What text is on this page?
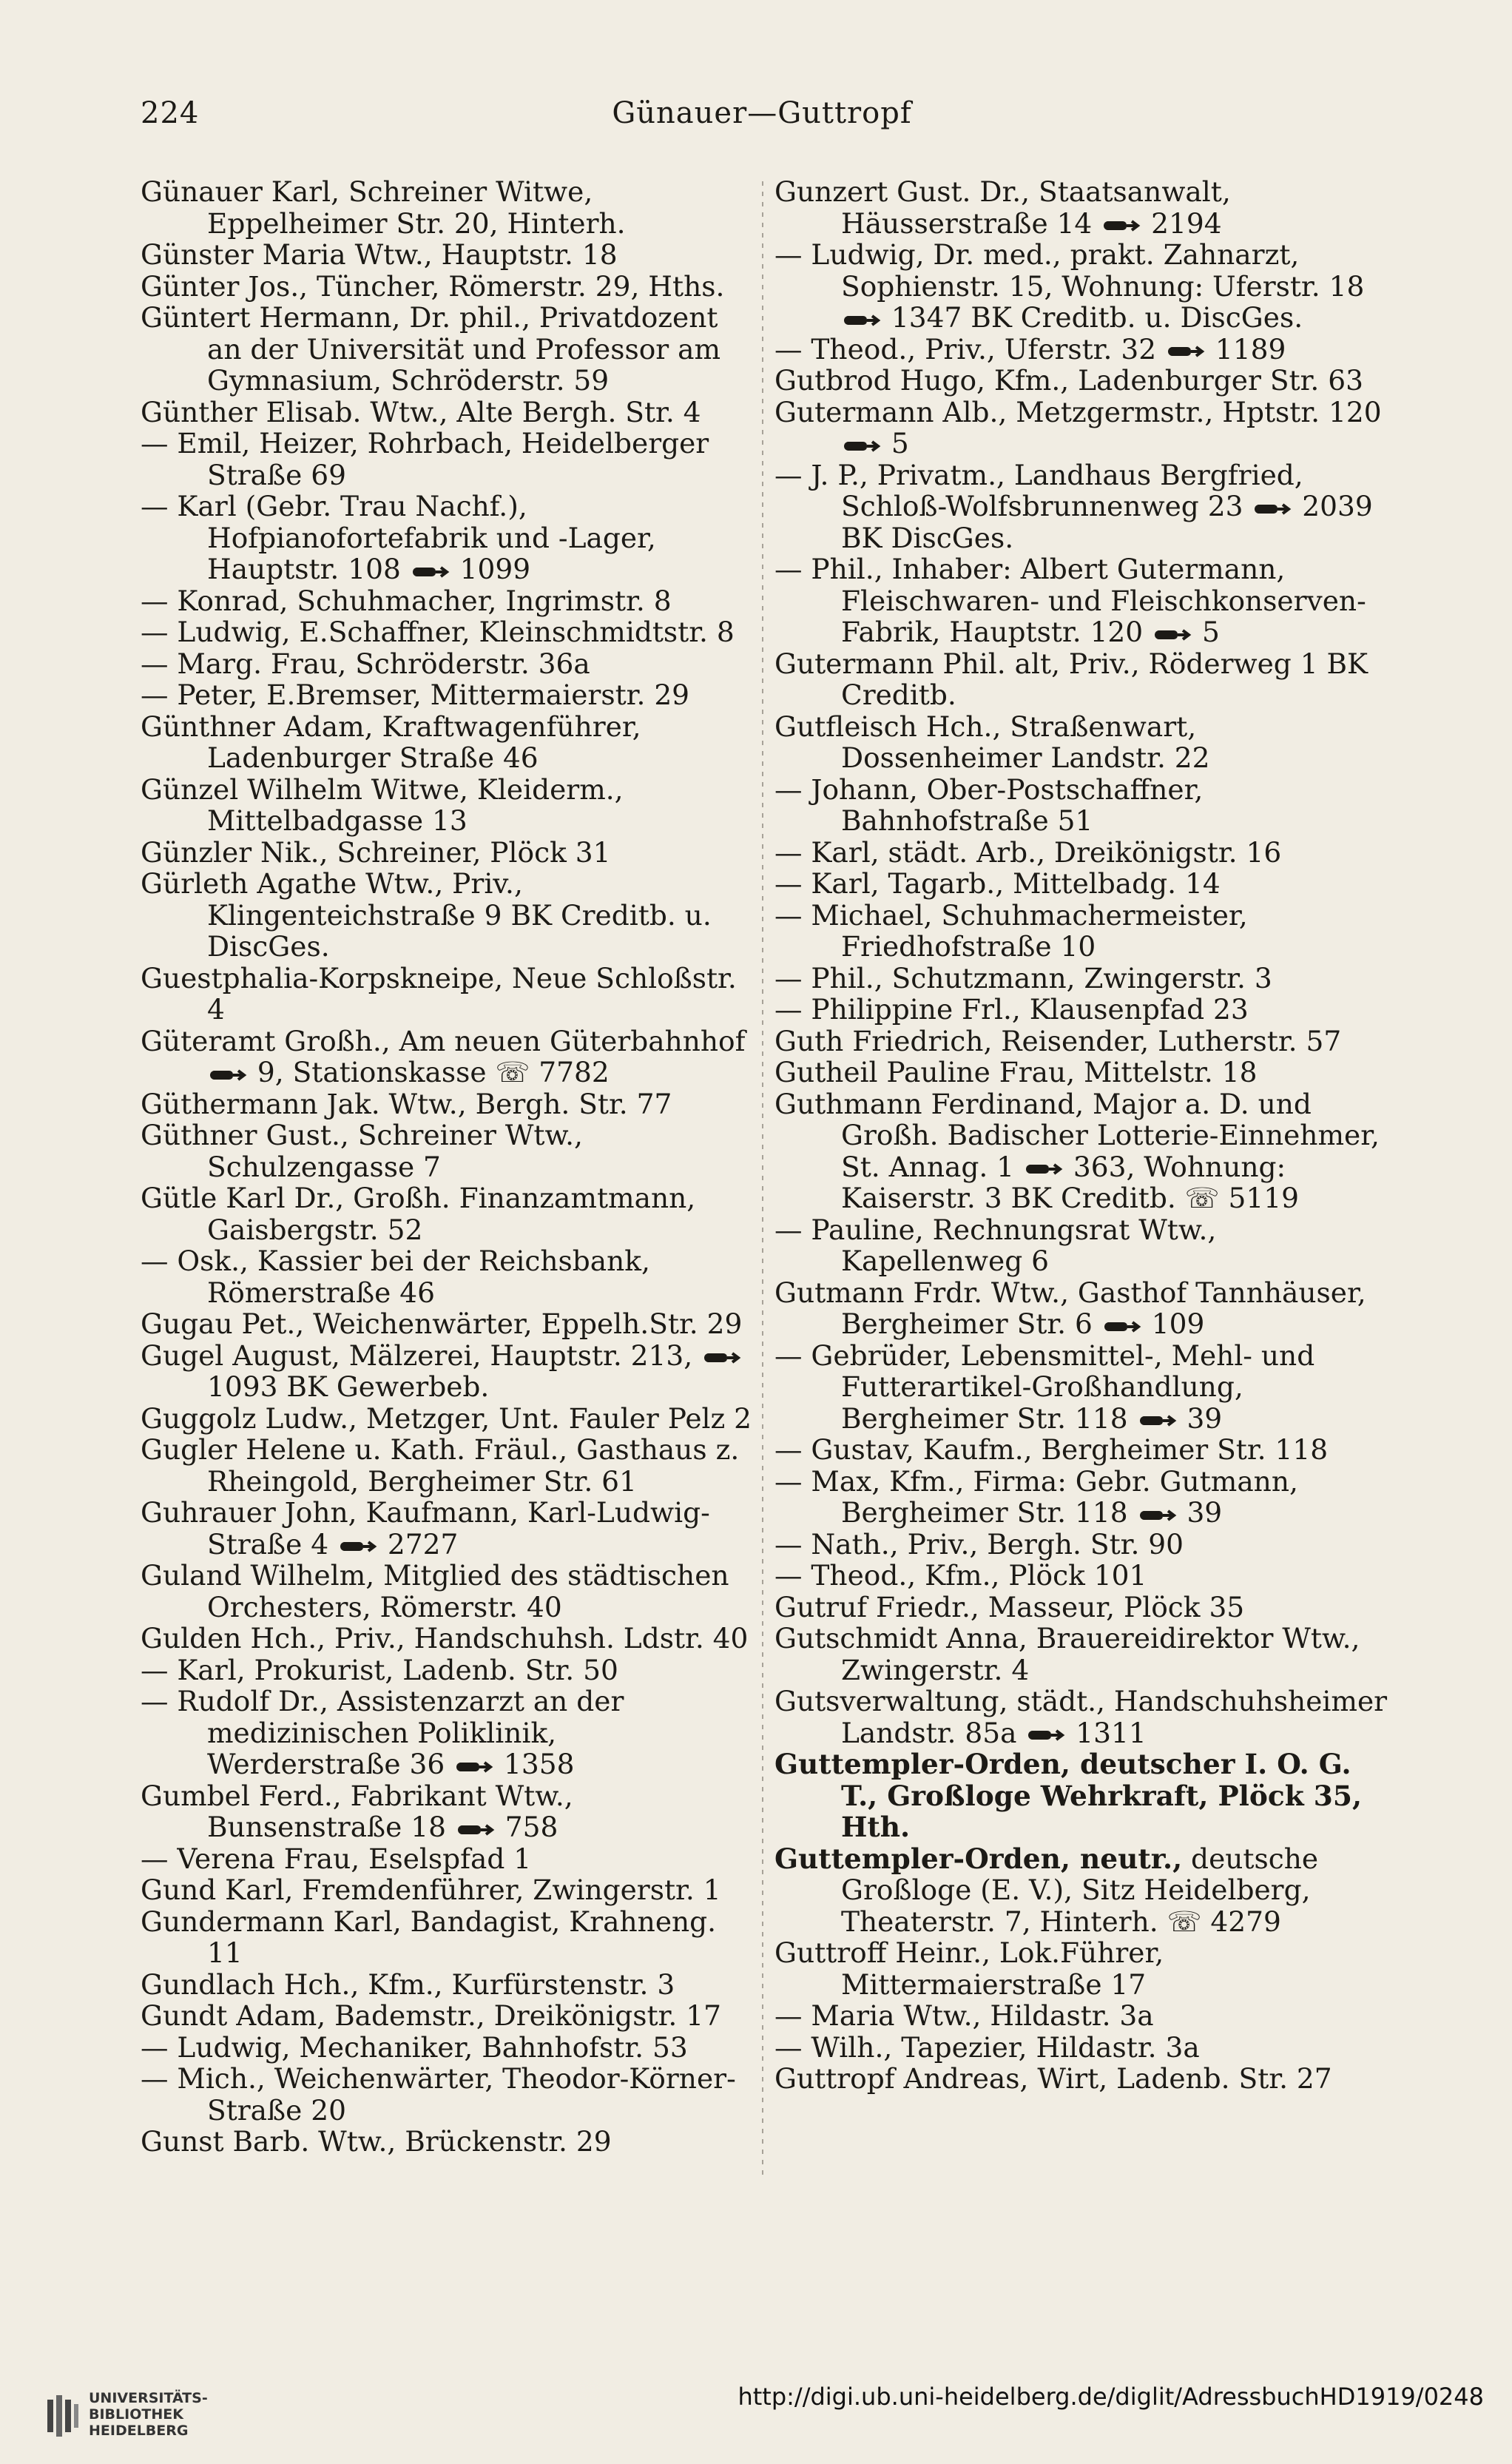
224	Günauer—Guttropf

Günauer Karl, Schreiner Witwe, Eppelheimer Str. 20, Hinterh.

Günster Maria Wtw., Hauptstr. 18

Günter Jos., Tüncher, Römerstr. 29, Hths.

Güntert Hermann, Dr. phil., Privatdozent an der Universität und Professor am Gymnasium, Schröderstr. 59

Günther Elisab. Wtw., Alte Bergh. Str. 4

— Emil, Heizer, Rohrbach, Heidelberger Straße 69

— Karl (Gebr. Trau Nachf.), Hofpianofortefabrik und -Lager, Hauptstr. 108  1099

— Konrad, Schuhmacher, Ingrimstr. 8

— Ludwig, E.Schaffner, Kleinschmidtstr. 8

— Marg. Frau, Schröderstr. 36a

— Peter, E.Bremser, Mittermaierstr. 29

Günthner Adam, Kraftwagenführer, Ladenburger Straße 46

Günzel Wilhelm Witwe, Kleiderm., Mittelbadgasse 13

Günzler Nik., Schreiner, Plöck 31

Gürleth Agathe Wtw., Priv., Klingenteichstraße 9 BK Creditb. u. DiscGes.

Guestphalia-Korpskneipe, Neue Schloßstr. 4

Güteramt Großh., Am neuen Güterbahnhof  9, Stationskasse ☏ 7782

Güthermann Jak. Wtw., Bergh. Str. 77

Güthner Gust., Schreiner Wtw., Schulzengasse 7

Gütle Karl Dr., Großh. Finanzamtmann, Gaisbergstr. 52

— Osk., Kassier bei der Reichsbank, Römerstraße 46

Gugau Pet., Weichenwärter, Eppelh.Str. 29

Gugel August, Mälzerei, Hauptstr. 213,  1093 BK Gewerbeb.

Guggolz Ludw., Metzger, Unt. Fauler Pelz 2

Gugler Helene u. Kath. Fräul., Gasthaus z. Rheingold, Bergheimer Str. 61

Guhrauer John, Kaufmann, Karl-Ludwig-Straße 4  2727

Guland Wilhelm, Mitglied des städtischen Orchesters, Römerstr. 40

Gulden Hch., Priv., Handschuhsh. Ldstr. 40

— Karl, Prokurist, Ladenb. Str. 50

— Rudolf Dr., Assistenzarzt an der medizinischen Poliklinik, Werderstraße 36  1358

Gumbel Ferd., Fabrikant Wtw., Bunsenstraße 18  758

— Verena Frau, Eselspfad 1

Gund Karl, Fremdenführer, Zwingerstr. 1

Gundermann Karl, Bandagist, Krahneng. 11

Gundlach Hch., Kfm., Kurfürstenstr. 3

Gundt Adam, Bademstr., Dreikönigstr. 17

— Ludwig, Mechaniker, Bahnhofstr. 53

— Mich., Weichenwärter, Theodor-Körner-Straße 20

Gunst Barb. Wtw., Brückenstr. 29

Gunzert Gust. Dr., Staatsanwalt, Häusserstraße 14  2194

— Ludwig, Dr. med., prakt. Zahnarzt, Sophienstr. 15, Wohnung: Uferstr. 18  1347 BK Creditb. u. DiscGes.

— Theod., Priv., Uferstr. 32  1189

Gutbrod Hugo, Kfm., Ladenburger Str. 63

Gutermann Alb., Metzgermstr., Hptstr. 120  5

— J. P., Privatm., Landhaus Bergfried, Schloß-Wolfsbrunnenweg 23  2039 BK DiscGes.

— Phil., Inhaber: Albert Gutermann, Fleischwaren- und Fleischkonserven-Fabrik, Hauptstr. 120  5

Gutermann Phil. alt, Priv., Röderweg 1 BK Creditb.

Gutfleisch Hch., Straßenwart, Dossenheimer Landstr. 22

— Johann, Ober-Postschaffner, Bahnhofstraße 51

— Karl, städt. Arb., Dreikönigstr. 16

— Karl, Tagarb., Mittelbadg. 14

— Michael, Schuhmachermeister, Friedhofstraße 10

— Phil., Schutzmann, Zwingerstr. 3

— Philippine Frl., Klausenpfad 23

Guth Friedrich, Reisender, Lutherstr. 57

Gutheil Pauline Frau, Mittelstr. 18

Guthmann Ferdinand, Major a. D. und Großh. Badischer Lotterie-Einnehmer, St. Annag. 1  363, Wohnung: Kaiserstr. 3 BK Creditb. ☏ 5119

— Pauline, Rechnungsrat Wtw., Kapellenweg 6

Gutmann Frdr. Wtw., Gasthof Tannhäuser, Bergheimer Str. 6  109

— Gebrüder, Lebensmittel-, Mehl- und Futterartikel-Großhandlung, Bergheimer Str. 118  39

— Gustav, Kaufm., Bergheimer Str. 118

— Max, Kfm., Firma: Gebr. Gutmann, Bergheimer Str. 118  39

— Nath., Priv., Bergh. Str. 90

— Theod., Kfm., Plöck 101

Gutruf Friedr., Masseur, Plöck 35

Gutschmidt Anna, Brauereidirektor Wtw., Zwingerstr. 4

Gutsverwaltung, städt., Handschuhsheimer Landstr. 85a  1311

Guttempler-Orden, deutscher I. O. G. T., Großloge Wehrkraft, Plöck 35, Hth.

Guttempler-Orden, neutr., deutsche Großloge (E. V.), Sitz Heidelberg, Theaterstr. 7, Hinterh. ☏ 4279

Guttroff Heinr., Lok.Führer, Mittermaierstraße 17

— Maria Wtw., Hildastr. 3a

— Wilh., Tapezier, Hildastr. 3a

Guttropf Andreas, Wirt, Ladenb. Str. 27

UNIVERSITÄTS-
BIBLIOTHEK
HEIDELBERG
http://digi.ub.uni-heidelberg.de/diglit/AdressbuchHD1919/0248
